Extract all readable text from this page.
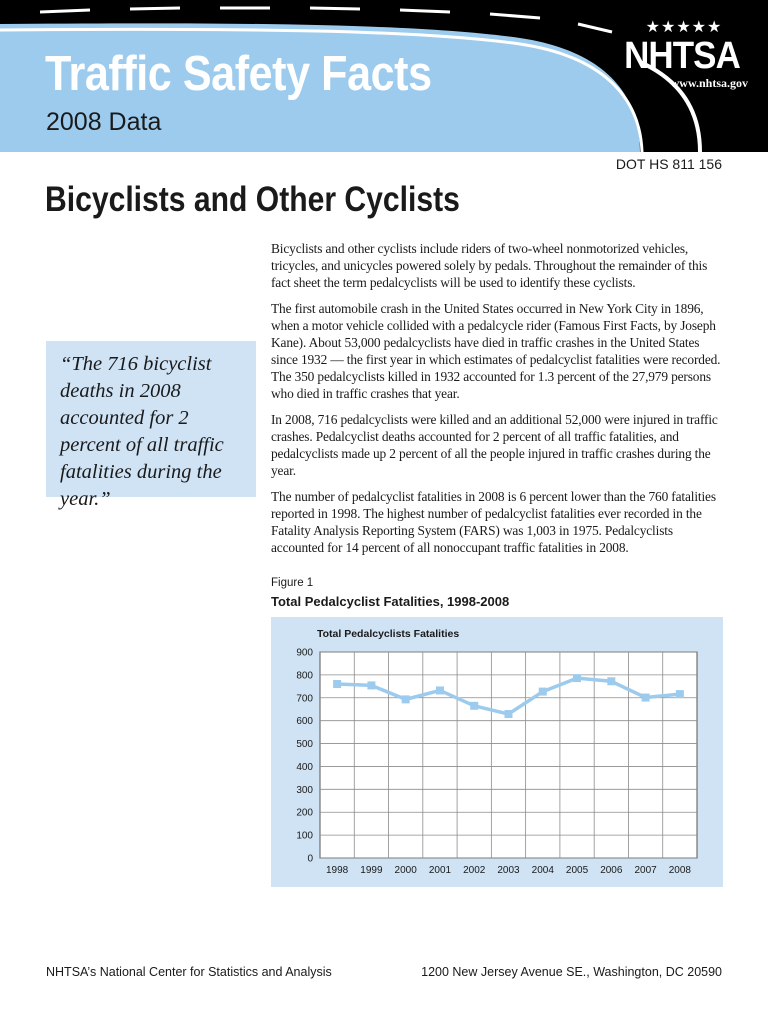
Traffic Safety Facts
2008 Data
★★★★★
NHTSA
www.nhtsa.gov
DOT HS 811 156
Bicyclists and Other Cyclists
“The 716 bicyclist deaths in 2008 accounted for 2 percent of all traffic fatalities during the year.”

Bicyclists and other cyclists include riders of two-wheel nonmotorized vehicles, tricycles, and unicycles powered solely by pedals. Throughout the remainder of this fact sheet the term pedalcyclists will be used to identify these cyclists.

The first automobile crash in the United States occurred in New York City in 1896, when a motor vehicle collided with a pedalcycle rider (Famous First Facts, by Joseph Kane). About 53,000 pedalcyclists have died in traffic crashes in the United States since 1932 — the first year in which estimates of pedalcyclist fatalities were recorded. The 350 pedalcyclists killed in 1932 accounted for 1.3 percent of the 27,979 persons who died in traffic crashes that year.

In 2008, 716 pedalcyclists were killed and an additional 52,000 were injured in traffic crashes. Pedalcyclist deaths accounted for 2 percent of all traffic fatalities, and pedalcyclists made up 2 percent of all the people injured in traffic crashes during the year.

The number of pedalcyclist fatalities in 2008 is 6 percent lower than the 760 fatalities reported in 1998. The highest number of pedalcyclist fatalities ever recorded in the Fatality Analysis Reporting System (FARS) was 1,003 in 1975. Pedalcyclists accounted for 14 percent of all nonoccupant traffic fatalities in 2008.

Figure 1
Total Pedalcyclist Fatalities, 1998-2008
0
100
200
300
400
500
600
700
800
900
1998 1999 2000 2001 2002 2003 2004 2005 2006 2007 2008
Total Pedalcyclists Fatalities
NHTSA’s National Center for Statistics and Analysis	1200 New Jersey Avenue SE., Washington, DC 20590
